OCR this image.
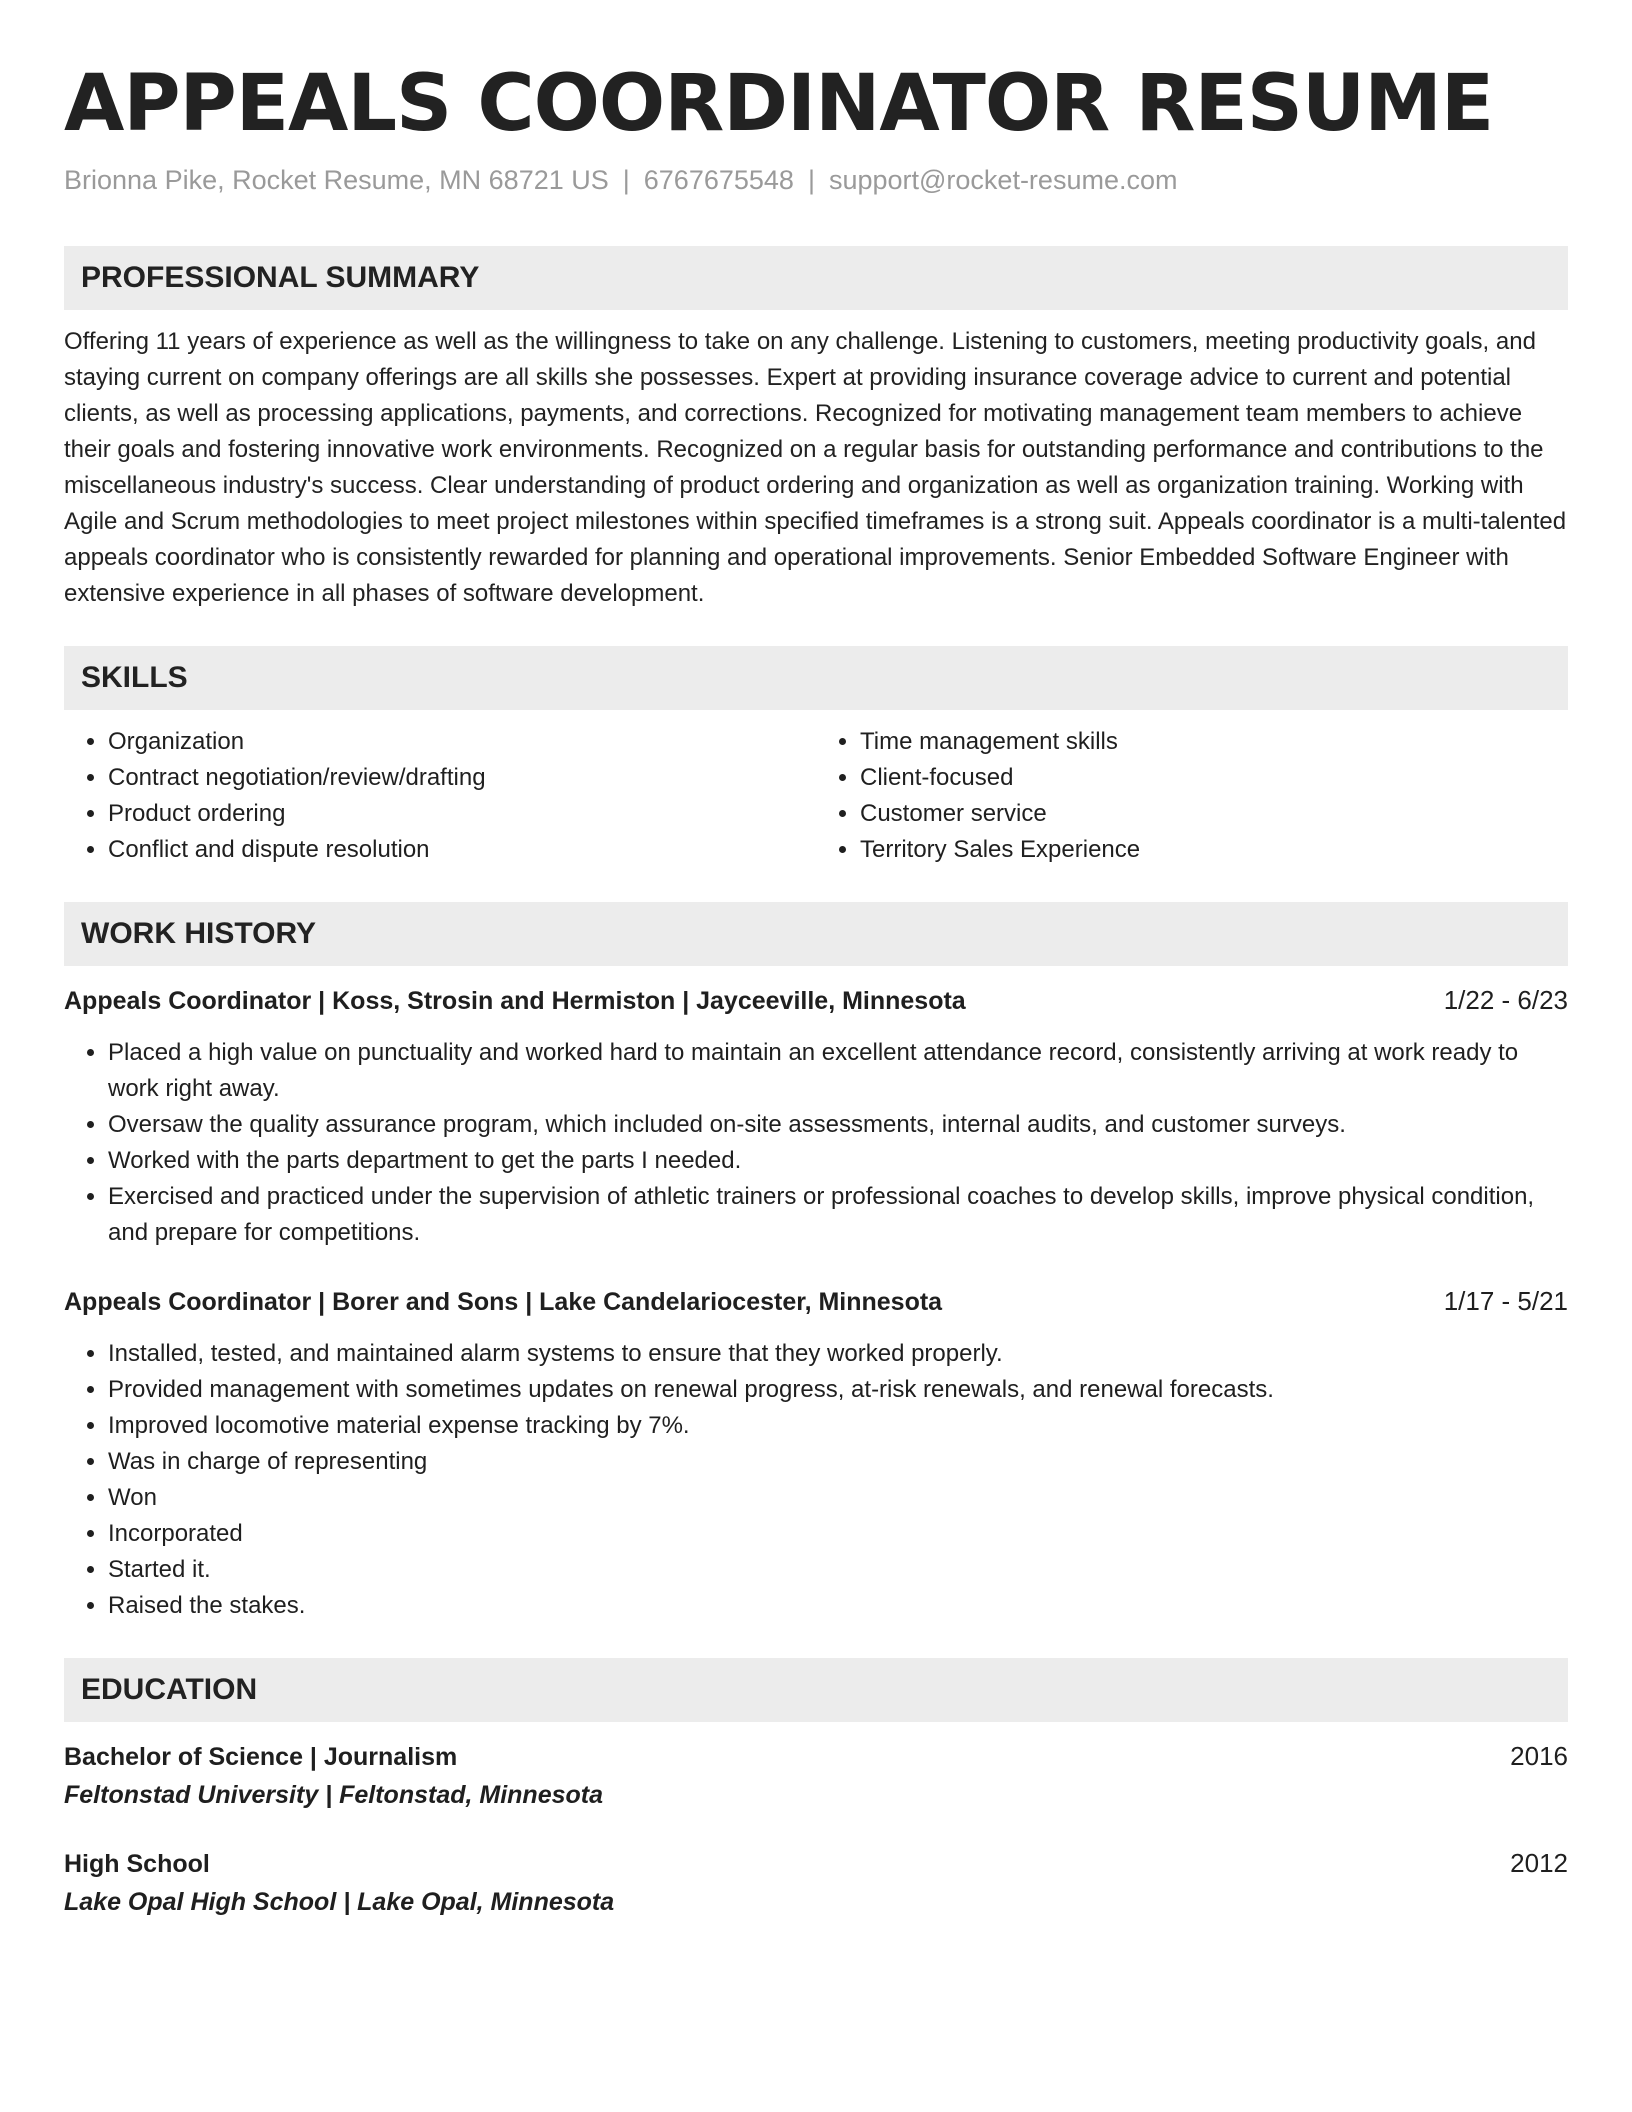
APPEALS COORDINATOR RESUME
Brionna Pike, Rocket Resume, MN 68721 US | 6767675548 | support@rocket-resume.com
PROFESSIONAL SUMMARY
Offering 11 years of experience as well as the willingness to take on any challenge. Listening to customers, meeting productivity goals, and staying current on company offerings are all skills she possesses. Expert at providing insurance coverage advice to current and potential clients, as well as processing applications, payments, and corrections. Recognized for motivating management team members to achieve their goals and fostering innovative work environments. Recognized on a regular basis for outstanding performance and contributions to the miscellaneous industry's success. Clear understanding of product ordering and organization as well as organization training. Working with Agile and Scrum methodologies to meet project milestones within specified timeframes is a strong suit. Appeals coordinator is a multi-talented appeals coordinator who is consistently rewarded for planning and operational improvements. Senior Embedded Software Engineer with extensive experience in all phases of software development.
SKILLS
• Organization
• Contract negotiation/review/drafting
• Product ordering
• Conflict and dispute resolution
• Time management skills
• Client-focused
• Customer service
• Territory Sales Experience
WORK HISTORY
Appeals Coordinator | Koss, Strosin and Hermiston | Jayceeville, Minnesota	1/22 - 6/23
• Placed a high value on punctuality and worked hard to maintain an excellent attendance record, consistently arriving at work ready to work right away.
• Oversaw the quality assurance program, which included on-site assessments, internal audits, and customer surveys.
• Worked with the parts department to get the parts I needed.
• Exercised and practiced under the supervision of athletic trainers or professional coaches to develop skills, improve physical condition, and prepare for competitions.
Appeals Coordinator | Borer and Sons | Lake Candelariocester, Minnesota	1/17 - 5/21
• Installed, tested, and maintained alarm systems to ensure that they worked properly.
• Provided management with sometimes updates on renewal progress, at-risk renewals, and renewal forecasts.
• Improved locomotive material expense tracking by 7%.
• Was in charge of representing
• Won
• Incorporated
• Started it.
• Raised the stakes.
EDUCATION
Bachelor of Science | Journalism	2016
Feltonstad University | Feltonstad, Minnesota
High School	2012
Lake Opal High School | Lake Opal, Minnesota
